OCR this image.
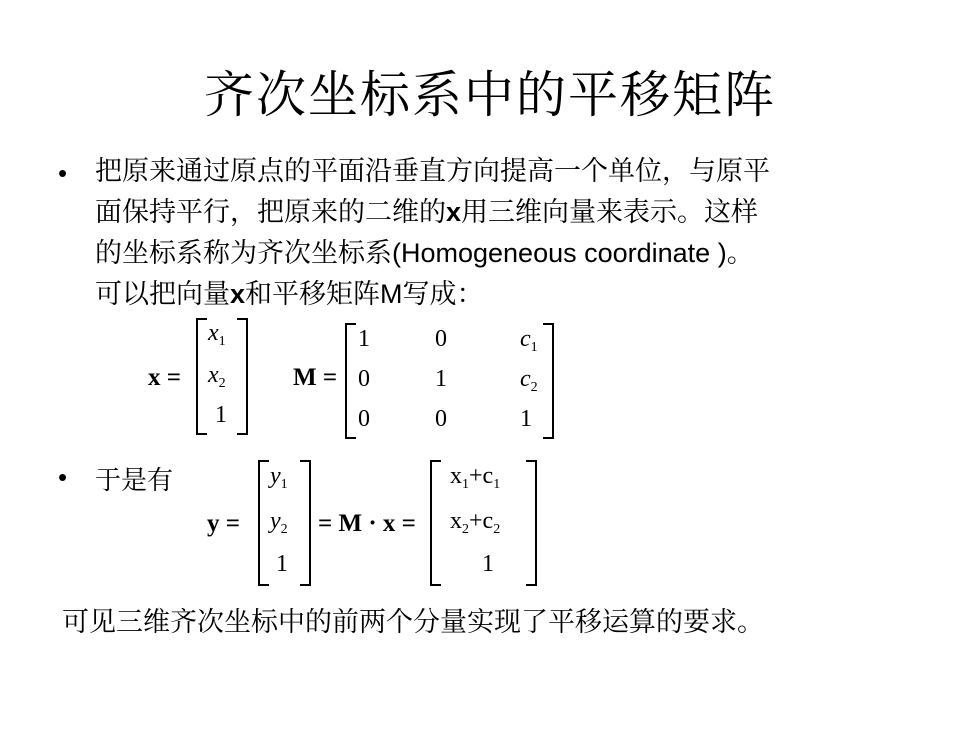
齐次坐标系中的平移矩阵
• 把原来通过原点的平面沿垂直方向提高一个单位，与原平
面保持平行，把原来的二维的x用三维向量来表示。这样
的坐标系称为齐次坐标系(Homogeneous coordinate )。
可以把向量x和平移矩阵M写成：
x =
$x_1$
$x_2$
1
M =
1	0	$c_1$
0	1	$c_2$
0	0	1
• 于是有
y =
$y_1$
$y_2$
1
= M · x =
$x_1+c_1$
$x_2+c_2$
1
可见三维齐次坐标中的前两个分量实现了平移运算的要求。
